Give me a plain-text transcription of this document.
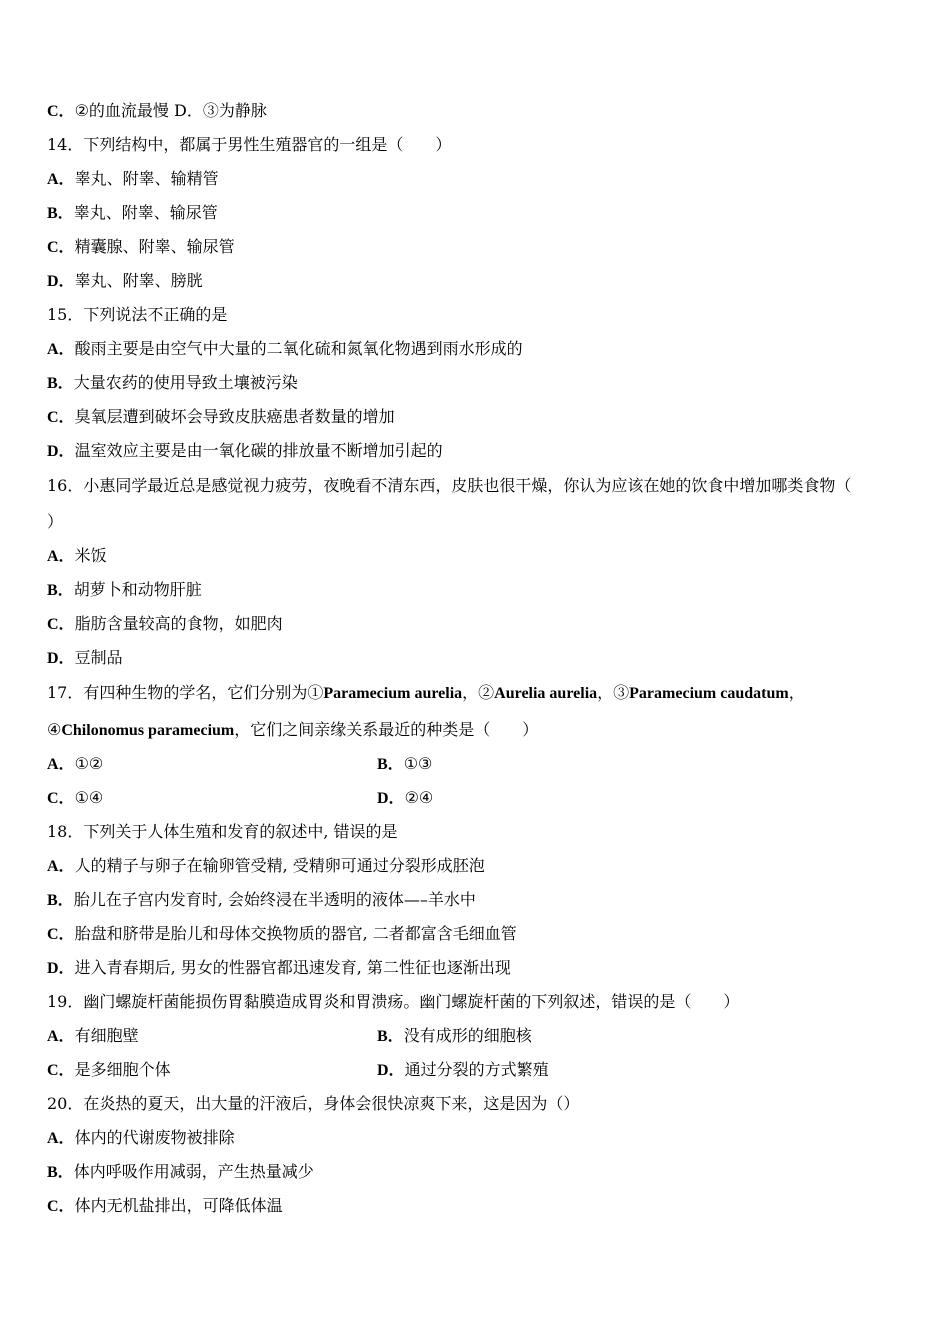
C．②的血流最慢 D．③为静脉
14．下列结构中，都属于男性生殖器官的一组是（　　）
A．睾丸、附睾、输精管
B．睾丸、附睾、输尿管
C．精囊腺、附睾、输尿管
D．睾丸、附睾、膀胱
15．下列说法不正确的是
A．酸雨主要是由空气中大量的二氧化硫和氮氧化物遇到雨水形成的
B．大量农药的使用导致土壤被污染
C．臭氧层遭到破坏会导致皮肤癌患者数量的增加
D．温室效应主要是由一氧化碳的排放量不断增加引起的
16．小惠同学最近总是感觉视力疲劳，夜晚看不清东西，皮肤也很干燥，你认为应该在她的饮食中增加哪类食物（
）
A．米饭
B．胡萝卜和动物肝脏
C．脂肪含量较高的食物，如肥肉
D．豆制品
17．有四种生物的学名，它们分别为①Paramecium aurelia，②Aurelia aurelia，③Paramecium caudatum，
④Chilonomus paramecium，它们之间亲缘关系最近的种类是（　　）
A．①②	B．①③
C．①④	D．②④
18．下列关于人体生殖和发育的叙述中, 错误的是
A．人的精子与卵子在输卵管受精, 受精卵可通过分裂形成胚泡
B．胎儿在子宫内发育时, 会始终浸在半透明的液体—–羊水中
C．胎盘和脐带是胎儿和母体交换物质的器官, 二者都富含毛细血管
D．进入青春期后, 男女的性器官都迅速发育, 第二性征也逐渐出现
19．幽门螺旋杆菌能损伤胃黏膜造成胃炎和胃溃疡。幽门螺旋杆菌的下列叙述，错误的是（　　）
A．有细胞壁	B．没有成形的细胞核
C．是多细胞个体	D．通过分裂的方式繁殖
20．在炎热的夏天，出大量的汗液后，身体会很快凉爽下来，这是因为（）
A．体内的代谢废物被排除
B．体内呼吸作用减弱，产生热量减少
C．体内无机盐排出，可降低体温
